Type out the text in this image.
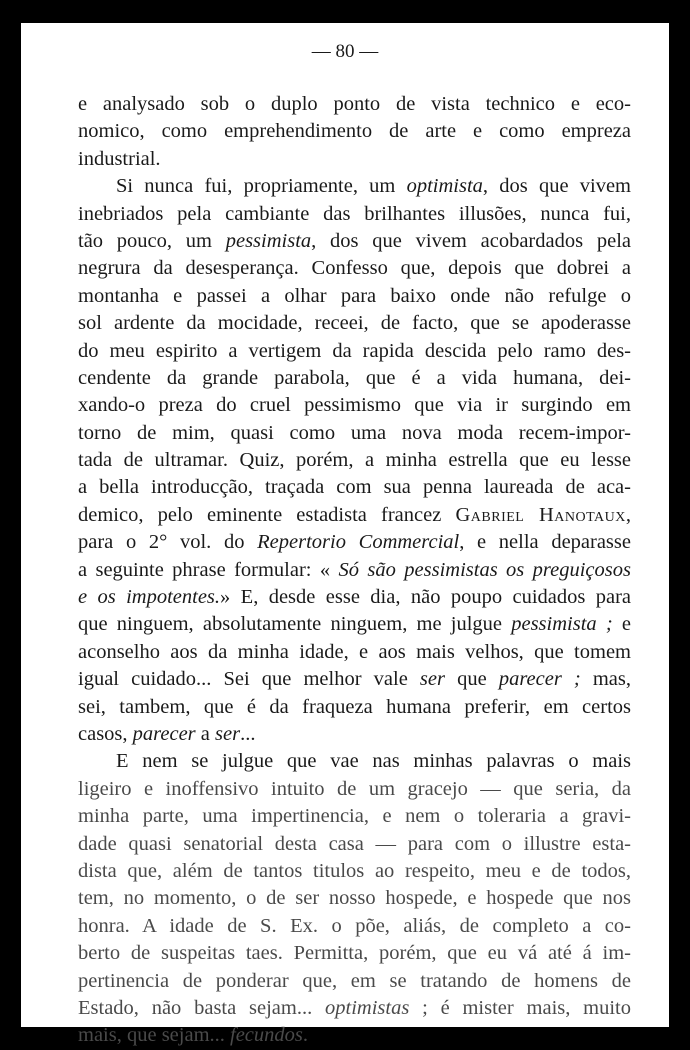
— 80 —
e analysado sob o duplo ponto de vista technico e eco-
nomico, como emprehendimento de arte e como empreza
industrial.
Si nunca fui, propriamente, um optimista, dos que vivem
inebriados pela cambiante das brilhantes illusões, nunca fui,
tão pouco, um pessimista, dos que vivem acobardados pela
negrura da desesperança. Confesso que, depois que dobrei a
montanha e passei a olhar para baixo onde não refulge o
sol ardente da mocidade, receei, de facto, que se apoderasse
do meu espirito a vertigem da rapida descida pelo ramo des-
cendente da grande parabola, que é a vida humana, dei-
xando-o preza do cruel pessimismo que via ir surgindo em
torno de mim, quasi como uma nova moda recem-impor-
tada de ultramar. Quiz, porém, a minha estrella que eu lesse
a bella introducção, traçada com sua penna laureada de aca-
demico, pelo eminente estadista francez Gabriel Hanotaux,
para o 2° vol. do Repertorio Commercial, e nella deparasse
a seguinte phrase formular: « Só são pessimistas os preguiçosos
e os impotentes.» E, desde esse dia, não poupo cuidados para
que ninguem, absolutamente ninguem, me julgue pessimista ; e
aconselho aos da minha idade, e aos mais velhos, que tomem
igual cuidado... Sei que melhor vale ser que parecer ; mas,
sei, tambem, que é da fraqueza humana preferir, em certos
casos, parecer a ser...
E nem se julgue que vae nas minhas palavras o mais
ligeiro e inoffensivo intuito de um gracejo — que seria, da
minha parte, uma impertinencia, e nem o toleraria a gravi-
dade quasi senatorial desta casa — para com o illustre esta-
dista que, além de tantos titulos ao respeito, meu e de todos,
tem, no momento, o de ser nosso hospede, e hospede que nos
honra. A idade de S. Ex. o põe, aliás, de completo a co-
berto de suspeitas taes. Permitta, porém, que eu vá até á im-
pertinencia de ponderar que, em se tratando de homens de
Estado, não basta sejam... optimistas ; é mister mais, muito
mais, que sejam... fecundos.
